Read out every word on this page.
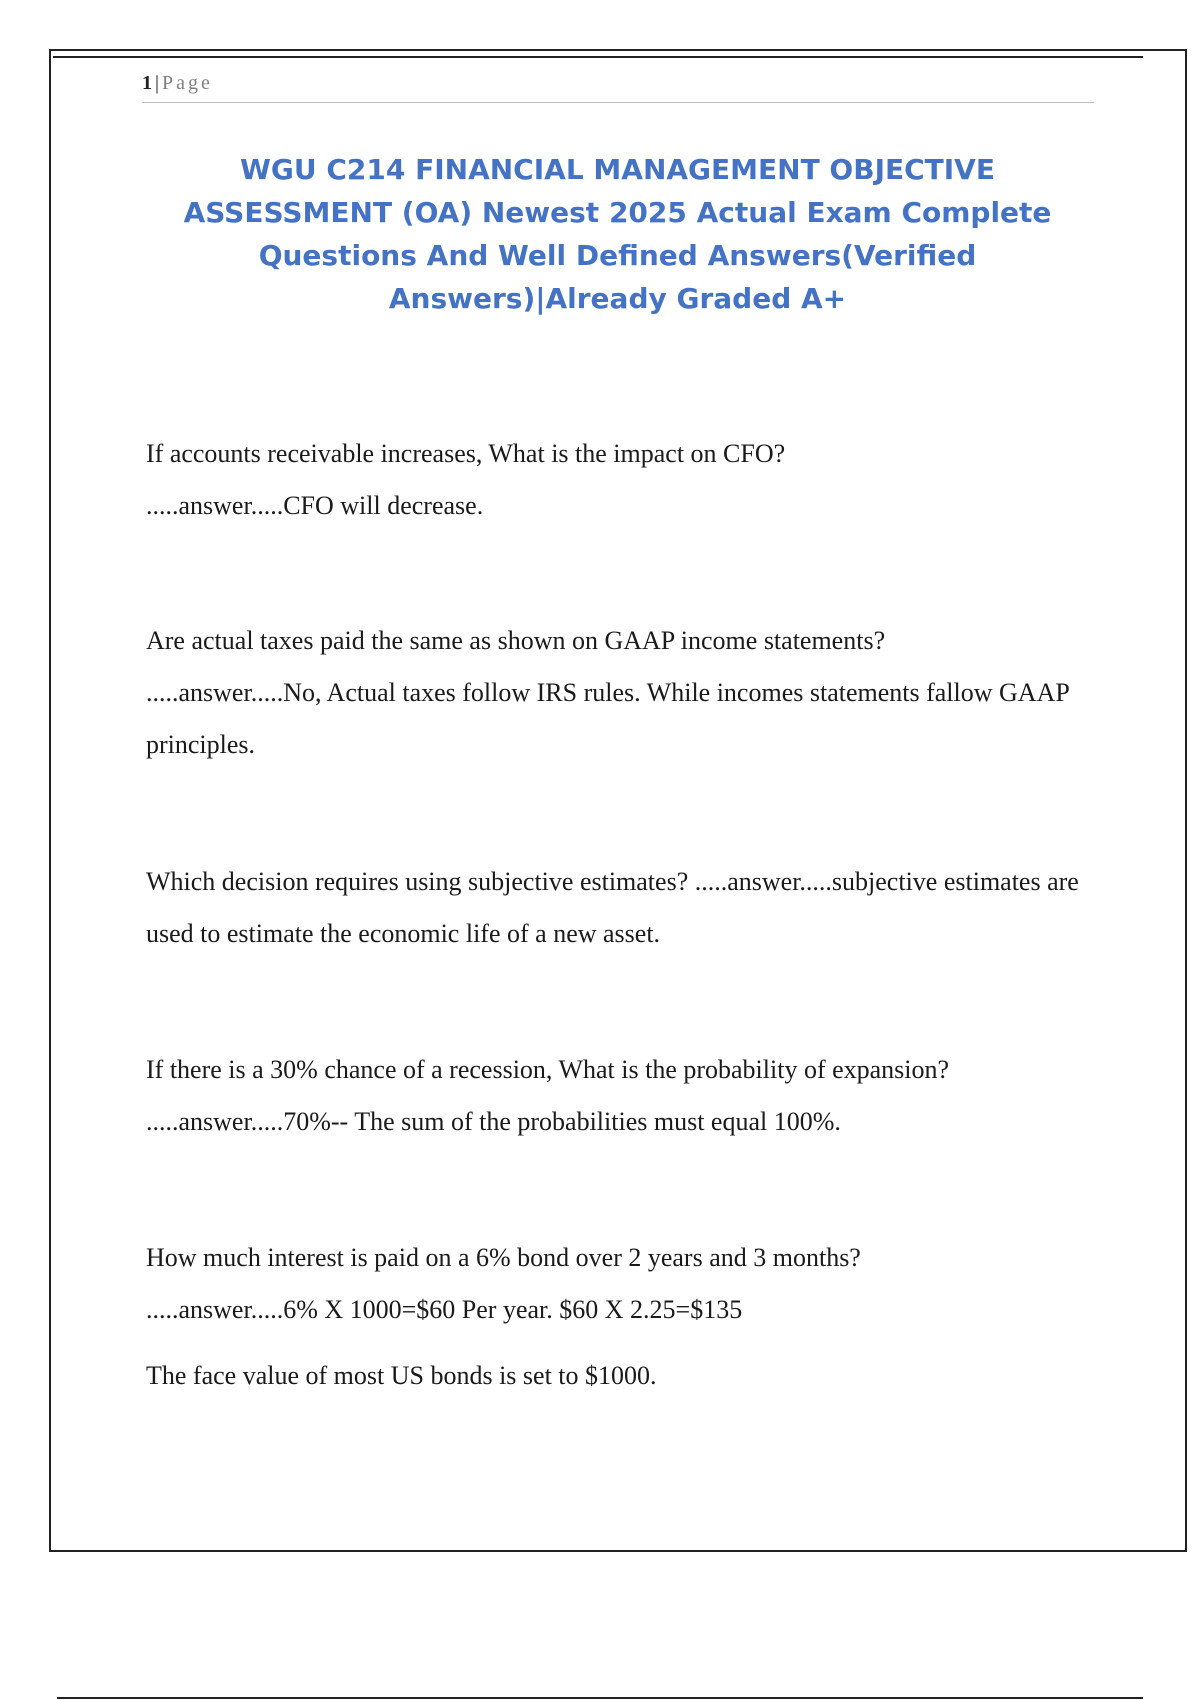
1 | Page
WGU C214 FINANCIAL MANAGEMENT OBJECTIVE
ASSESSMENT (OA) Newest 2025 Actual Exam Complete
Questions And Well Defined Answers(Verified
Answers)|Already Graded A+

If accounts receivable increases, What is the impact on CFO?

.....answer.....CFO will decrease.

Are actual taxes paid the same as shown on GAAP income statements?

.....answer.....No, Actual taxes follow IRS rules. While incomes statements fallow GAAP principles.

Which decision requires using subjective estimates? .....answer.....subjective estimates are used to estimate the economic life of a new asset.

If there is a 30% chance of a recession, What is the probability of expansion?

.....answer.....70%-- The sum of the probabilities must equal 100%.

How much interest is paid on a 6% bond over 2 years and 3 months?

.....answer.....6% X 1000=$60 Per year. $60 X 2.25=$135

The face value of most US bonds is set to $1000.
